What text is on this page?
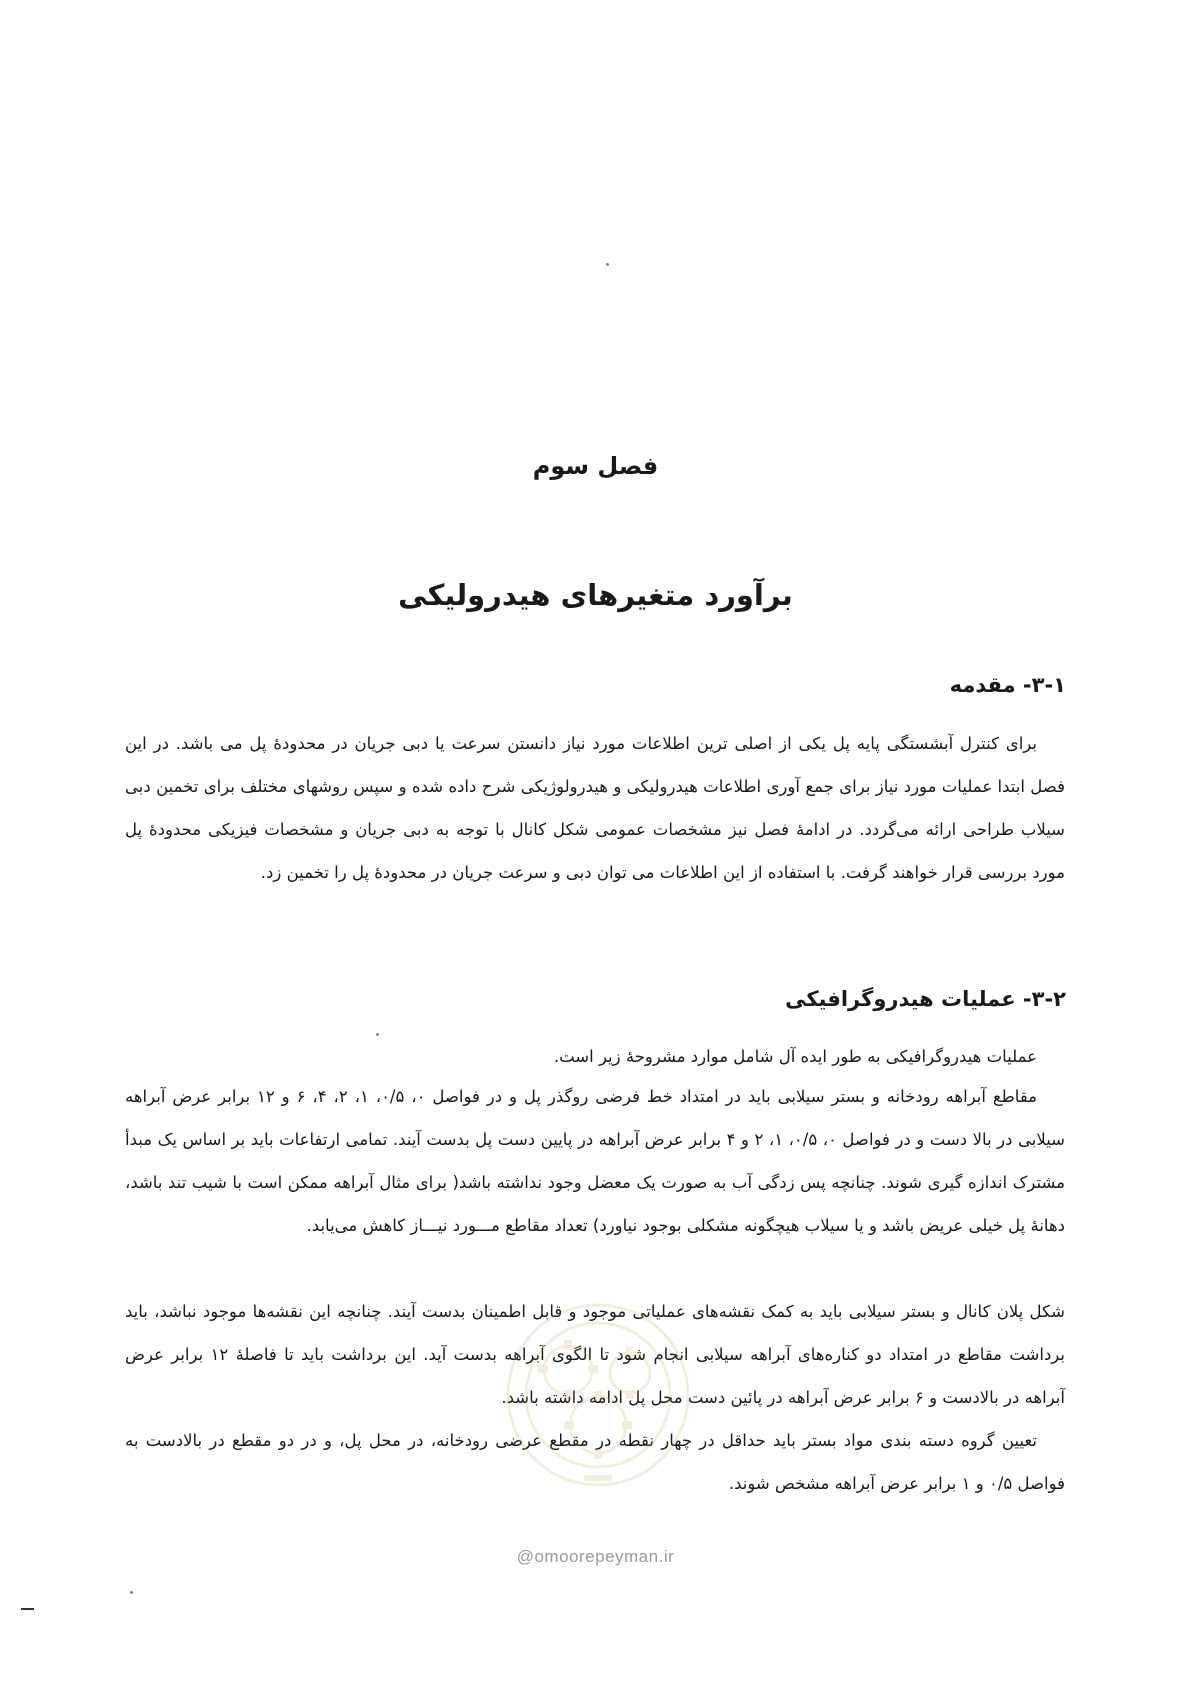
فصل سوم
برآورد متغیرهای هیدرولیکی
۳-۱- مقدمه

برای کنترل آبشستگی پایه پل یکی از اصلی ترین اطلاعات مورد نیاز دانستن سرعت یا دبی جریان در محدودهٔ پل می باشد. در این فصل ابتدا عملیات مورد نیاز برای جمع آوری اطلاعات هیدرولیکی و هیدرولوژیکی شرح داده شده و سپس روشهای مختلف برای تخمین دبی سیلاب طراحی ارائه می‌گردد. در ادامهٔ فصل نیز مشخصات عمومی شکل کانال با توجه به دبی جریان و مشخصات فیزیکی محدودهٔ پل مورد بررسی قرار خواهند گرفت. با استفاده از این اطلاعات می توان دبی و سرعت جریان در محدودهٔ پل را تخمین زد.

۳-۲- عملیات هیدروگرافیکی

عملیات هیدروگرافیکی به طور ایده آل شامل موارد مشروحهٔ زیر است.

مقاطع آبراهه رودخانه و بستر سیلابی باید در امتداد خط فرضی روگذر پل و در فواصل ۰، ۰/۵، ۱، ۲، ۴، ۶ و ۱۲ برابر عرض آبراهه سیلابی در بالا دست و در فواصل ۰، ۰/۵، ۱، ۲ و ۴ برابر عرض آبراهه در پایین دست پل بدست آیند. تمامی ارتفاعات باید بر اساس یک مبدأ مشترک اندازه گیری شوند. چنانچه پس زدگی آب به صورت یک معضل وجود نداشته باشد( برای مثال آبراهه ممکن است با شیب تند باشد، دهانهٔ پل خیلی عریض باشد و یا سیلاب هیچگونه مشکلی بوجود نیاورد) تعداد مقاطع مـــورد نیـــاز کاهش می‌یابد.

شکل پلان کانال و بستر سیلابی باید به کمک نقشه‌های عملیاتی موجود و قابل اطمینان بدست آیند. چنانچه این نقشه‌ها موجود نباشد، باید برداشت مقاطع در امتداد دو کناره‌های آبراهه سیلابی انجام شود تا الگوی آبراهه بدست آید. این برداشت باید تا فاصلهٔ ۱۲ برابر عرض آبراهه در بالادست و ۶ برابر عرض آبراهه در پائین دست محل پل ادامه داشته باشد.

تعیین گروه دسته بندی مواد بستر باید حداقل در چهار نقطه در مقطع عرضی رودخانه، در محل پل، و در دو مقطع در بالادست به فواصل ۰/۵ و ۱ برابر عرض آبراهه مشخص شوند.

@omoorepeyman.ir
